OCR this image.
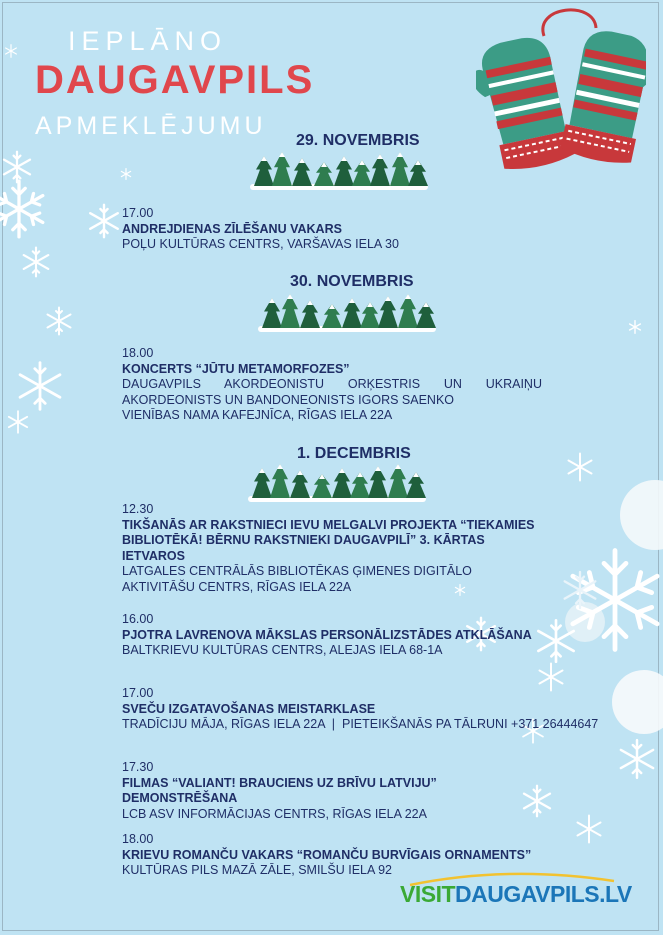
IEPLĀNO
DAUGAVPILS
APMEKLĒJUMU
29. NOVEMBRIS
17.00
ANDREJDIENAS ZĪLĒŠANU VAKARS
POĻU KULTŪRAS CENTRS, VARŠAVAS IELA 30
30. NOVEMBRIS
18.00
KONCERTS “JŪTU METAMORFOZES”
DAUGAVPILS AKORDEONISTU ORĶESTRIS UN UKRAIŅU AKORDEONISTS UN BANDONEONISTS IGORS SAENKO
VIENĪBAS NAMA KAFEJNĪCA, RĪGAS IELA 22A
1. DECEMBRIS
12.30
TIKŠANĀS AR RAKSTNIECI IEVU MELGALVI PROJEKTA “TIEKAMIES BIBLIOTĒKĀ! BĒRNU RAKSTNIEKI DAUGAVPILĪ” 3. KĀRTAS IETVAROS
LATGALES CENTRĀLĀS BIBLIOTĒKAS ĢIMENES DIGITĀLO AKTIVITĀŠU CENTRS, RĪGAS IELA 22A
16.00
PJOTRA LAVRENOVA MĀKSLAS PERSONĀLIZSTĀDES ATKLĀŠANA
BALTKRIEVU KULTŪRAS CENTRS, ALEJAS IELA 68-1A
17.00
SVEČU IZGATAVOŠANAS MEISTARKLASE
TRADĪCIJU MĀJA, RĪGAS IELA 22A  |  PIETEIKŠANĀS PA TĀLRUNI +371 26444647
17.30
FILMAS “VALIANT! BRAUCIENS UZ BRĪVU LATVIJU” DEMONSTRĒŠANA
LCB ASV INFORMĀCIJAS CENTRS, RĪGAS IELA 22A
18.00
KRIEVU ROMANČU VAKARS “ROMANČU BURVĪGAIS ORNAMENTS”
KULTŪRAS PILS MAZĀ ZĀLE, SMILŠU IELA 92
VISITDAUGAVPILS.LV
